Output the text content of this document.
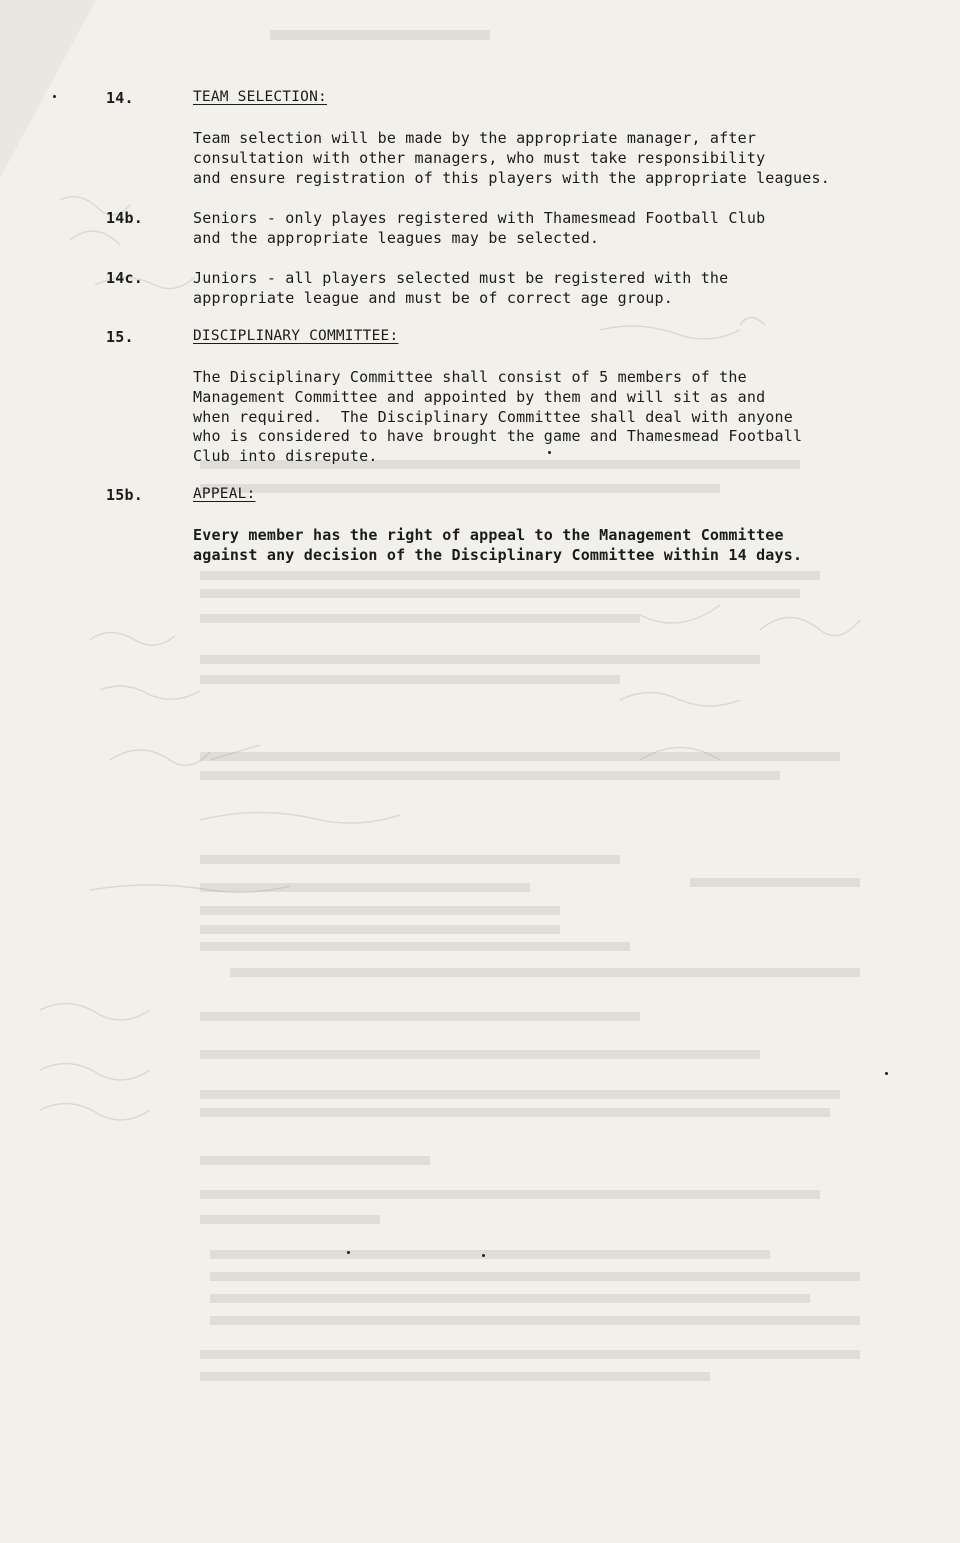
14.	TEAM SELECTION:
Team selection will be made by the appropriate manager, after
consultation with other managers, who must take responsibility
and ensure registration of this players with the appropriate leagues.
14b.	Seniors - only playes registered with Thamesmead Football Club
and the appropriate leagues may be selected.
14c.	Juniors - all players selected must be registered with the
appropriate league and must be of correct age group.
15.	DISCIPLINARY COMMITTEE:
The Disciplinary Committee shall consist of 5 members of the
Management Committee and appointed by them and will sit as and
when required.  The Disciplinary Committee shall deal with anyone
who is considered to have brought the game and Thamesmead Football
Club into disrepute.
15b.	APPEAL:
Every member has the right of appeal to the Management Committee
against any decision of the Disciplinary Committee within 14 days.
